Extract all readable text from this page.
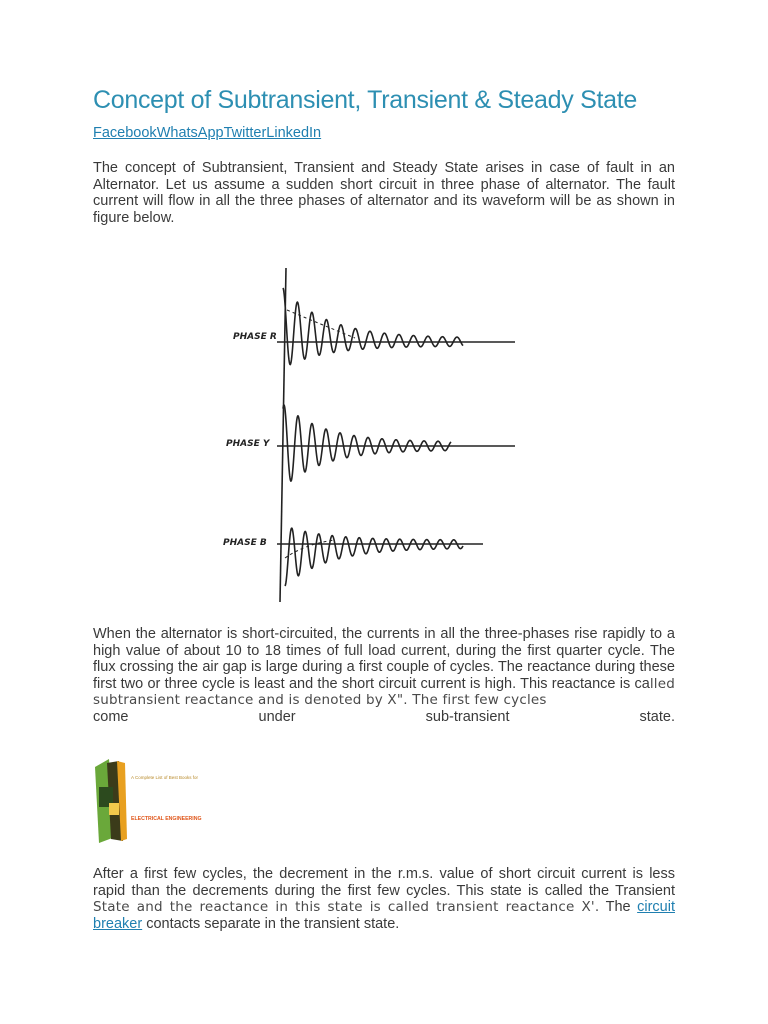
Concept of Subtransient, Transient & Steady State
FacebookWhatsAppTwitterLinkedIn

The concept of Subtransient, Transient and Steady State arises in case of fault in an Alternator. Let us assume a sudden short circuit in three phase of alternator. The fault current will flow in all the three phases of alternator and its waveform will be as shown in figure below.

PHASE R
PHASE Y
PHASE B

When the alternator is short-circuited, the currents in all the three-phases rise rapidly to a high value of about 10 to 18 times of full load current, during the first quarter cycle. The flux crossing the air gap is large during a first couple of cycles. The reactance during these first two or three cycle is least and the short circuit current is high. This reactance is called subtransient reactance and is denoted by X". The first few cycles
come	under	sub-transient	state.

A Complete List of Best Books for
ELECTRICAL ENGINEERING

After a first few cycles, the decrement in the r.m.s. value of short circuit current is less rapid than the decrements during the first few cycles. This state is called the Transient State and the reactance in this state is called transient reactance X'. The circuit breaker contacts separate in the transient state.
